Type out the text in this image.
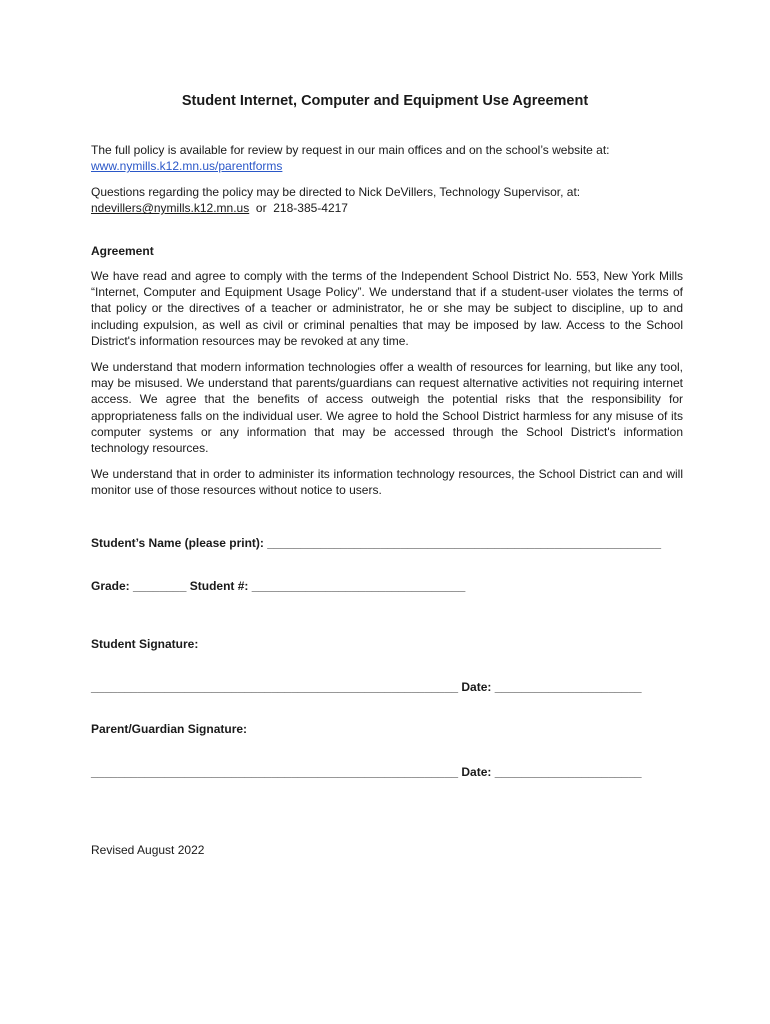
Student Internet, Computer and Equipment Use Agreement
The full policy is available for review by request in our main offices and on the school’s website at:
www.nymills.k12.mn.us/parentforms
Questions regarding the policy may be directed to Nick DeVillers, Technology Supervisor, at:
ndevillers@nymills.k12.mn.us  or  218-385-4217
Agreement
We have read and agree to comply with the terms of the Independent School District No. 553, New York Mills “Internet, Computer and Equipment Usage Policy”. We understand that if a student-user violates the terms of that policy or the directives of a teacher or administrator, he or she may be subject to discipline, up to and including expulsion, as well as civil or criminal penalties that may be imposed by law. Access to the School District's information resources may be revoked at any time.
We understand that modern information technologies offer a wealth of resources for learning, but like any tool, may be misused. We understand that parents/guardians can request alternative activities not requiring internet access. We agree that the benefits of access outweigh the potential risks that the responsibility for appropriateness falls on the individual user. We agree to hold the School District harmless for any misuse of its computer systems or any information that may be accessed through the School District's information technology resources.
We understand that in order to administer its information technology resources, the School District can and will monitor use of those resources without notice to users.
Student’s Name (please print): ___________________________________________________________
Grade: ________ Student #: ________________________________
Student Signature:
_______________________________________________________ Date: ______________________
Parent/Guardian Signature:
_______________________________________________________ Date: ______________________
Revised August 2022
